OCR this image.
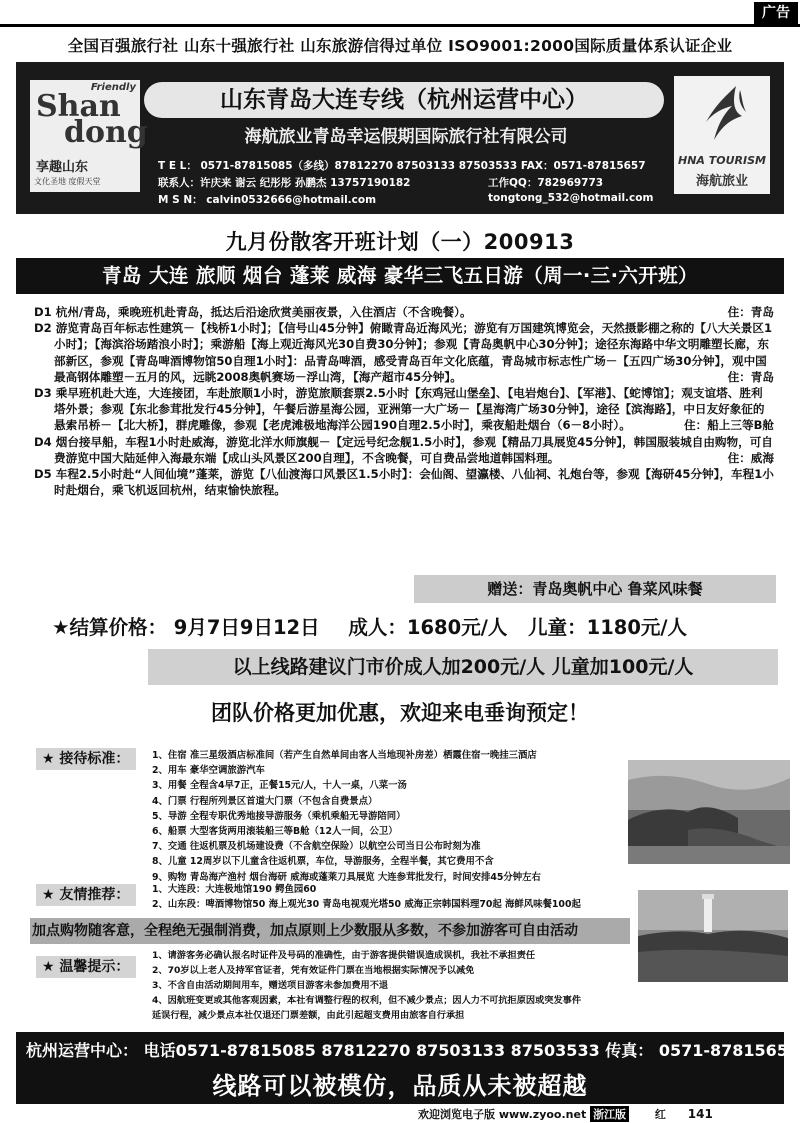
广告
全国百强旅行社 山东十强旅行社 山东旅游信得过单位 ISO9001:2000国际质量体系认证企业
Friendly
Shan
dong
享趣山东
文化圣地 度假天堂
山东青岛大连专线（杭州运营中心）
海航旅业青岛幸运假期国际旅行社有限公司
T E L： 0571-87815085（多线）87812270 87503133 87503533 FAX：0571-87815657
联系人：许庆来 谢云 纪彤彤 孙鹏杰 13757190182	工作QQ：782969773
M S N： calvin0532666@hotmail.com	tongtong_532@hotmail.com
HNA TOURISM
海航旅业
九月份散客开班计划（一）200913
青岛 大连 旅顺 烟台 蓬莱 威海 豪华三飞五日游（周一·三·六开班）
D1 杭州/青岛，乘晚班机赴青岛，抵达后沿途欣赏美丽夜景，入住酒店（不含晚餐）。	住：青岛
D2 游览青岛百年标志性建筑－【栈桥1小时】；【信号山45分钟】俯瞰青岛近海风光；游览有万国建筑博览会，天然摄影棚之称的【八大关景区1小时】；【海滨浴场踏浪小时】；乘游船【海上观近海风光30自费30分钟】；参观【青岛奥帆中心30分钟】；途径东海路中华文明雕塑长廊，东部新区，参观【青岛啤酒博物馆50自理1小时】：品青岛啤酒，感受青岛百年文化底蕴，青岛城市标志性广场－【五四广场30分钟】，观中国最高钢体雕塑－五月的风，远眺2008奥帆赛场－浮山湾，【海产超市45分钟】。	住：青岛
D3 乘早班机赴大连，大连接团，车赴旅顺1小时，游览旅顺套票2.5小时【东鸡冠山堡垒】、【电岩炮台】、【军港】、【蛇博馆】；观支谊塔、胜利塔外景；参观【东北参茸批发行45分钟】，午餐后游星海公园，亚洲第一大广场－【星海湾广场30分钟】，途径【滨海路】，中日友好象征的悬索吊桥－【北大桥】，群虎雕像，参观【老虎滩极地海洋公园190自理2.5小时】，乘夜船赴烟台（6－8小时）。	住：船上三等B舱
D4 烟台接早船，车程1小时赴威海，游览北洋水师旗舰－【定远号纪念舰1.5小时】，参观【精品刀具展览45分钟】，韩国服装城自由购物，可自费游览中国大陆延伸入海最东端【成山头风景区200自理】，不含晚餐，可自费品尝地道韩国料理。	住：威海
D5 车程2.5小时赴“人间仙境”蓬莱，游览【八仙渡海口风景区1.5小时】：会仙阁、望瀛楼、八仙祠、礼炮台等，参观【海研45分钟】，车程1小时赴烟台，乘飞机返回杭州，结束愉快旅程。
赠送：青岛奥帆中心 鲁菜风味餐
★结算价格： 9月7日9日12日 成人：1680元/人 儿童：1180元/人
以上线路建议门市价成人加200元/人 儿童加100元/人
团队价格更加优惠，欢迎来电垂询预定！
★ 接待标准：	1、住宿 准三星级酒店标准间（若产生自然单间由客人当地现补房差）栖霞住宿一晚挂三酒店
2、用车 豪华空调旅游汽车
3、用餐 全程含4早7正，正餐15元/人，十人一桌，八菜一汤
4、门票 行程所列景区首道大门票（不包含自费景点）
5、导游 全程专职优秀地接导游服务（乘机乘船无导游陪同）
6、船票 大型客货两用滚装船三等B舱（12人一间，公卫）
7、交通 往返机票及机场建设费（不含航空保险）以航空公司当日公布时刻为准
8、儿童 12周岁以下儿童含往返机票，车位，导游服务，全程半餐，其它费用不含
9、购物 青岛海产渔村 烟台海研 威海或蓬莱刀具展览 大连参茸批发行，时间安排45分钟左右
★ 友情推荐：	1、大连段：大连极地馆190 鳄鱼园60
2、山东段：啤酒博物馆50 海上观光30 青岛电视观光塔50 威海正宗韩国料理70起 海鲜风味餐100起
加点购物随客意，全程绝无强制消费，加点原则上少数服从多数，不参加游客可自由活动
★ 温馨提示：
1、请游客务必确认报名时证件及号码的准确性，由于游客提供错误造成误机，我社不承担责任
2、70岁以上老人及持军官证者，凭有效证件门票在当地根据实际情况予以减免
3、不含自由活动期间用车，赠送项目游客未参加费用不退
4、因航班变更或其他客观因素，本社有调整行程的权利，但不减少景点；因人力不可抗拒原因或突发事件
延误行程，减少景点本社仅退还门票差额，由此引起超支费用由旅客自行承担
杭州运营中心： 电话0571-87815085 87812270 87503133 87503533 传真： 0571-87815657
线路可以被模仿，品质从未被超越
欢迎浏览电子版 www.zyoo.net 浙江版	红 141
